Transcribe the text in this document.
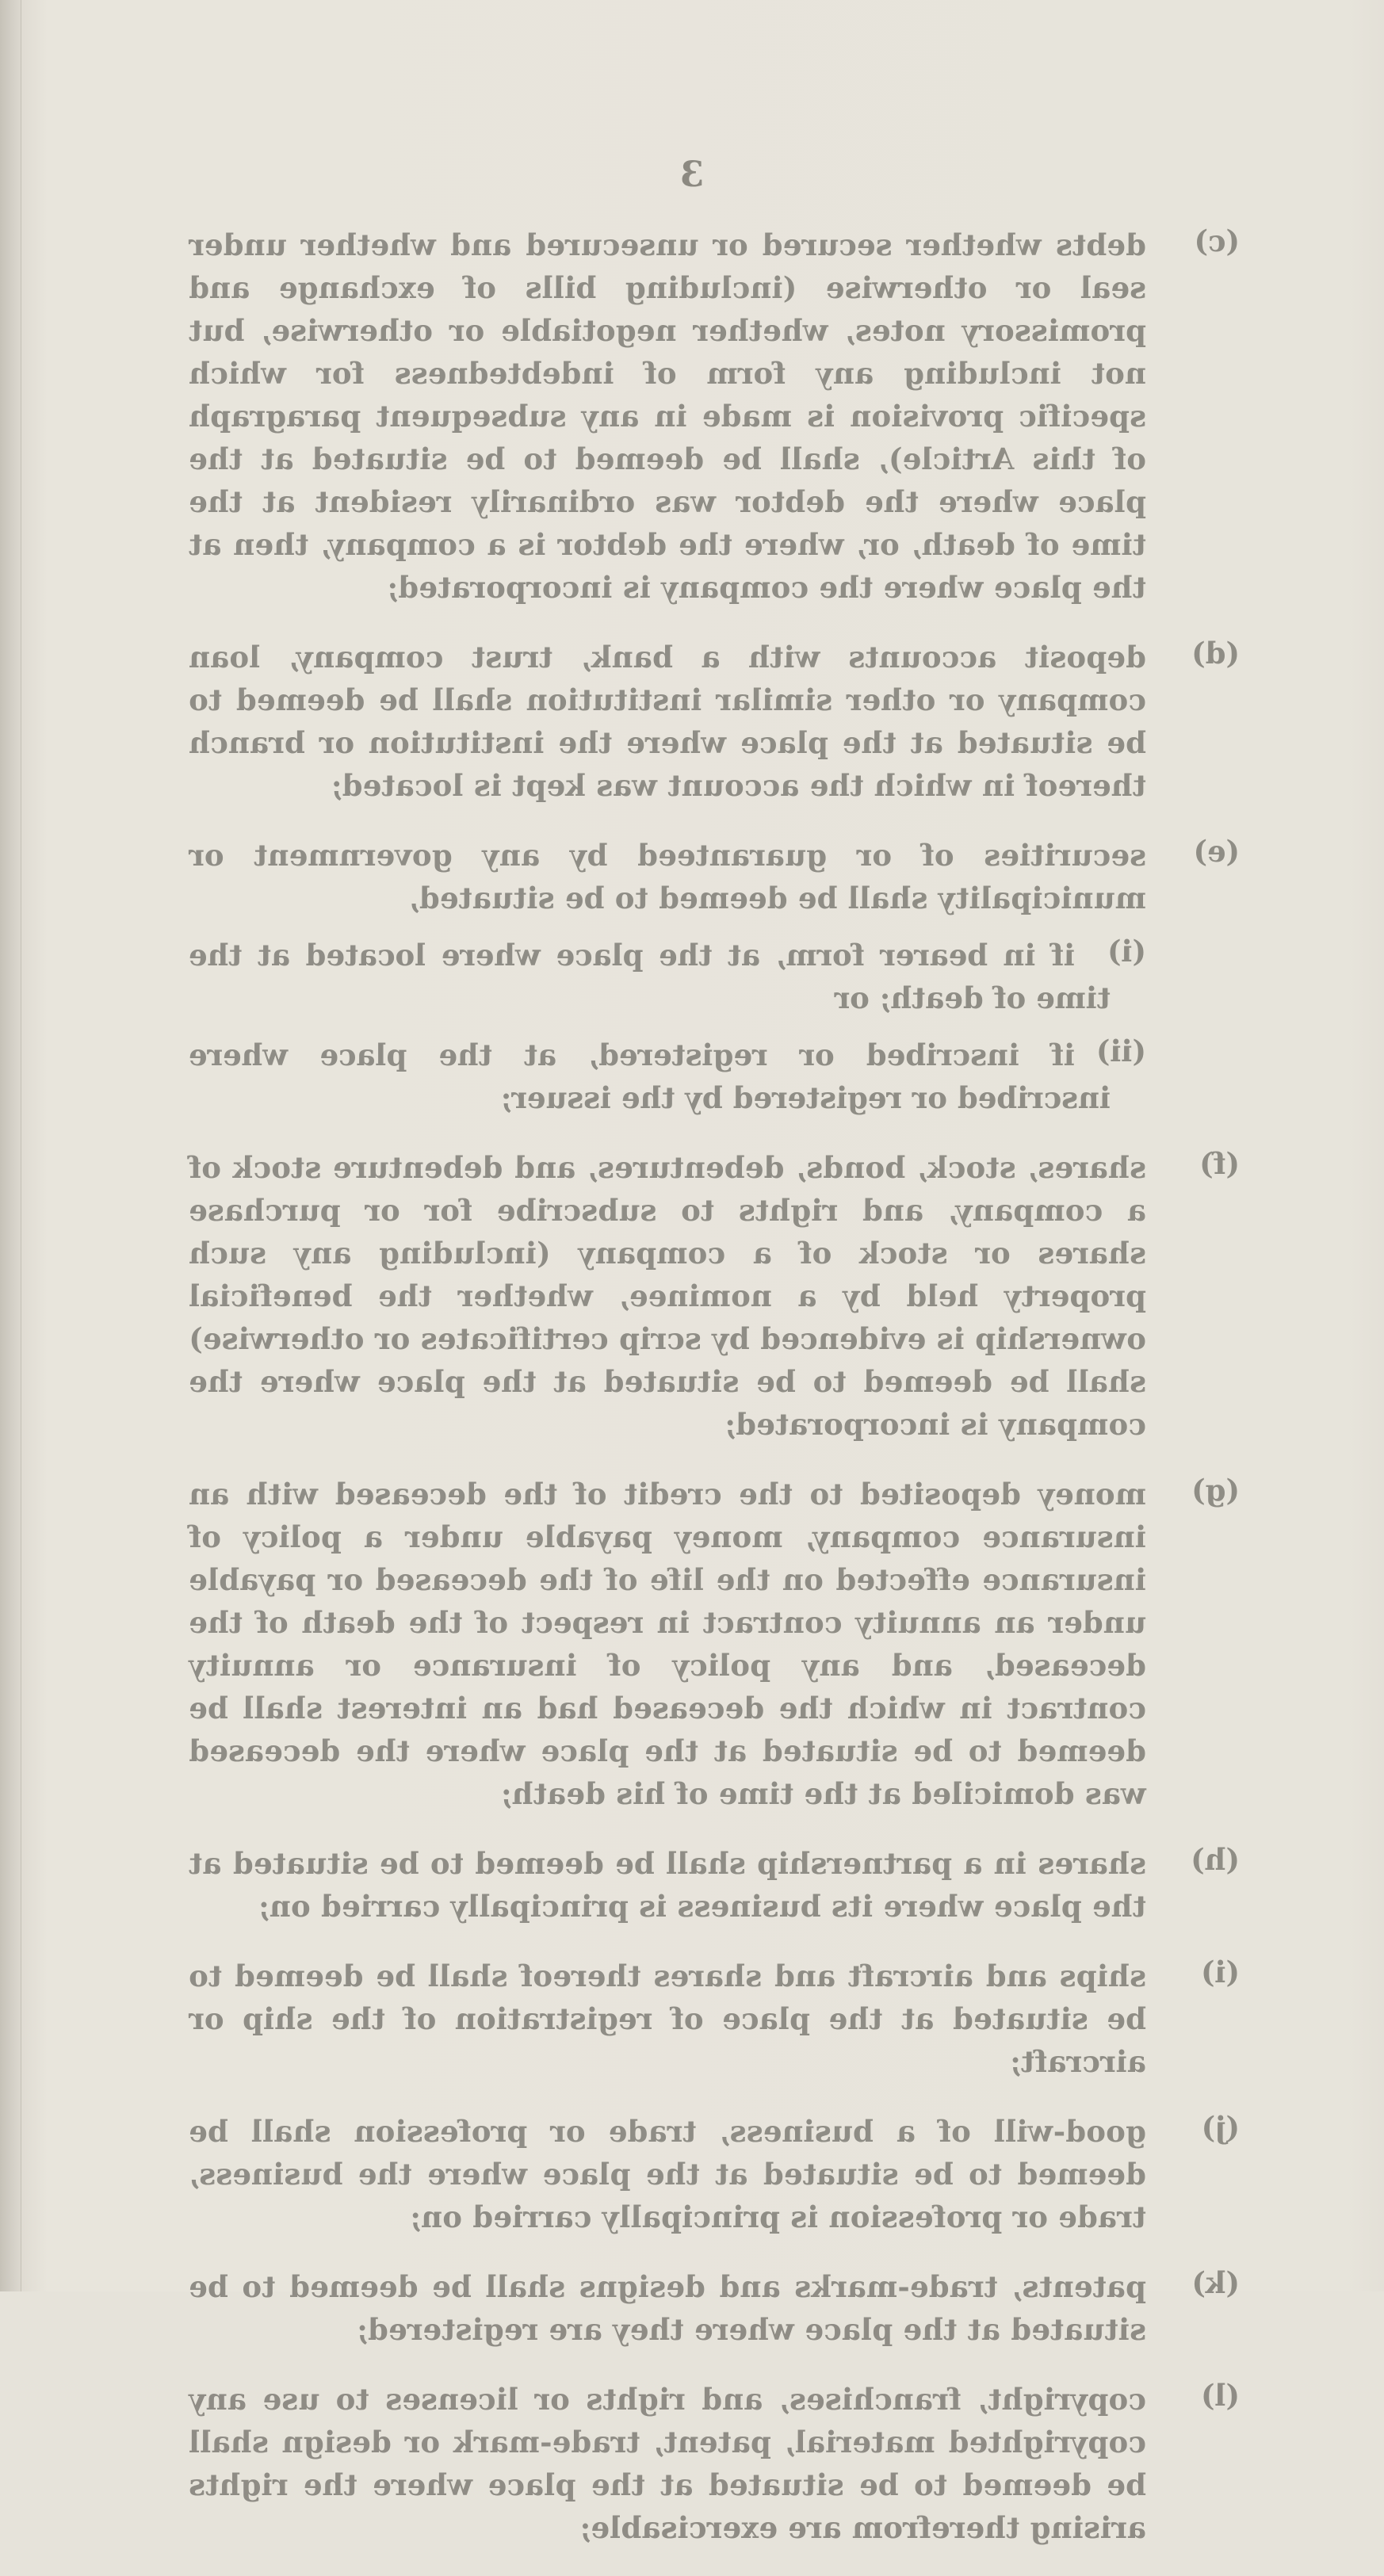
3
(c)
debts whether secured or unsecured and whether under seal or otherwise (including bills of exchange and promissory notes, whether negotiable or otherwise, but not including any form of indebtedness for which specific provision is made in any subsequent paragraph of this Article), shall be deemed to be situated at the place where the debtor was ordinarily resident at the time of death, or, where the debtor is a company, then at the place where the company is incorporated;
(d)
deposit accounts with a bank, trust company, loan company or other similar institution shall be deemed to be situated at the place where the institution or branch thereof in which the account was kept is located;
(e)
securities of or guaranteed by any government or municipality shall be deemed to be situated,
(i)
if in bearer form, at the place where located at the time of death; or
(ii)
if inscribed or registered, at the place where inscribed or registered by the issuer;
(f)
shares, stock, bonds, debentures, and debenture stock of a company, and rights to subscribe for or purchase shares or stock of a company (including any such property held by a nominee, whether the beneficial ownership is evidenced by scrip certificates or otherwise) shall be deemed to be situated at the place where the company is incorporated;
(g)
money deposited to the credit of the deceased with an insurance company, money payable under a policy of insurance effected on the life of the deceased or payable under an annuity contract in respect of the death of the deceased, and any policy of insurance or annuity contract in which the deceased had an interest shall be deemed to be situated at the place where the deceased was domiciled at the time of his death;
(h)
shares in a partnership shall be deemed to be situated at the place where its business is principally carried on;
(i)
ships and aircraft and shares thereof shall be deemed to be situated at the place of registration of the ship or aircraft;
(j)
good-will of a business, trade or profession shall be deemed to be situated at the place where the business, trade or profession is principally carried on;
(k)
patents, trade-marks and designs shall be deemed to be situated at the place where they are registered;
(l)
copyright, franchises, and rights or licenses to use any copyrighted material, patent, trade-mark or design shall be deemed to be situated at the place where the rights arising therefrom are exercisable;
